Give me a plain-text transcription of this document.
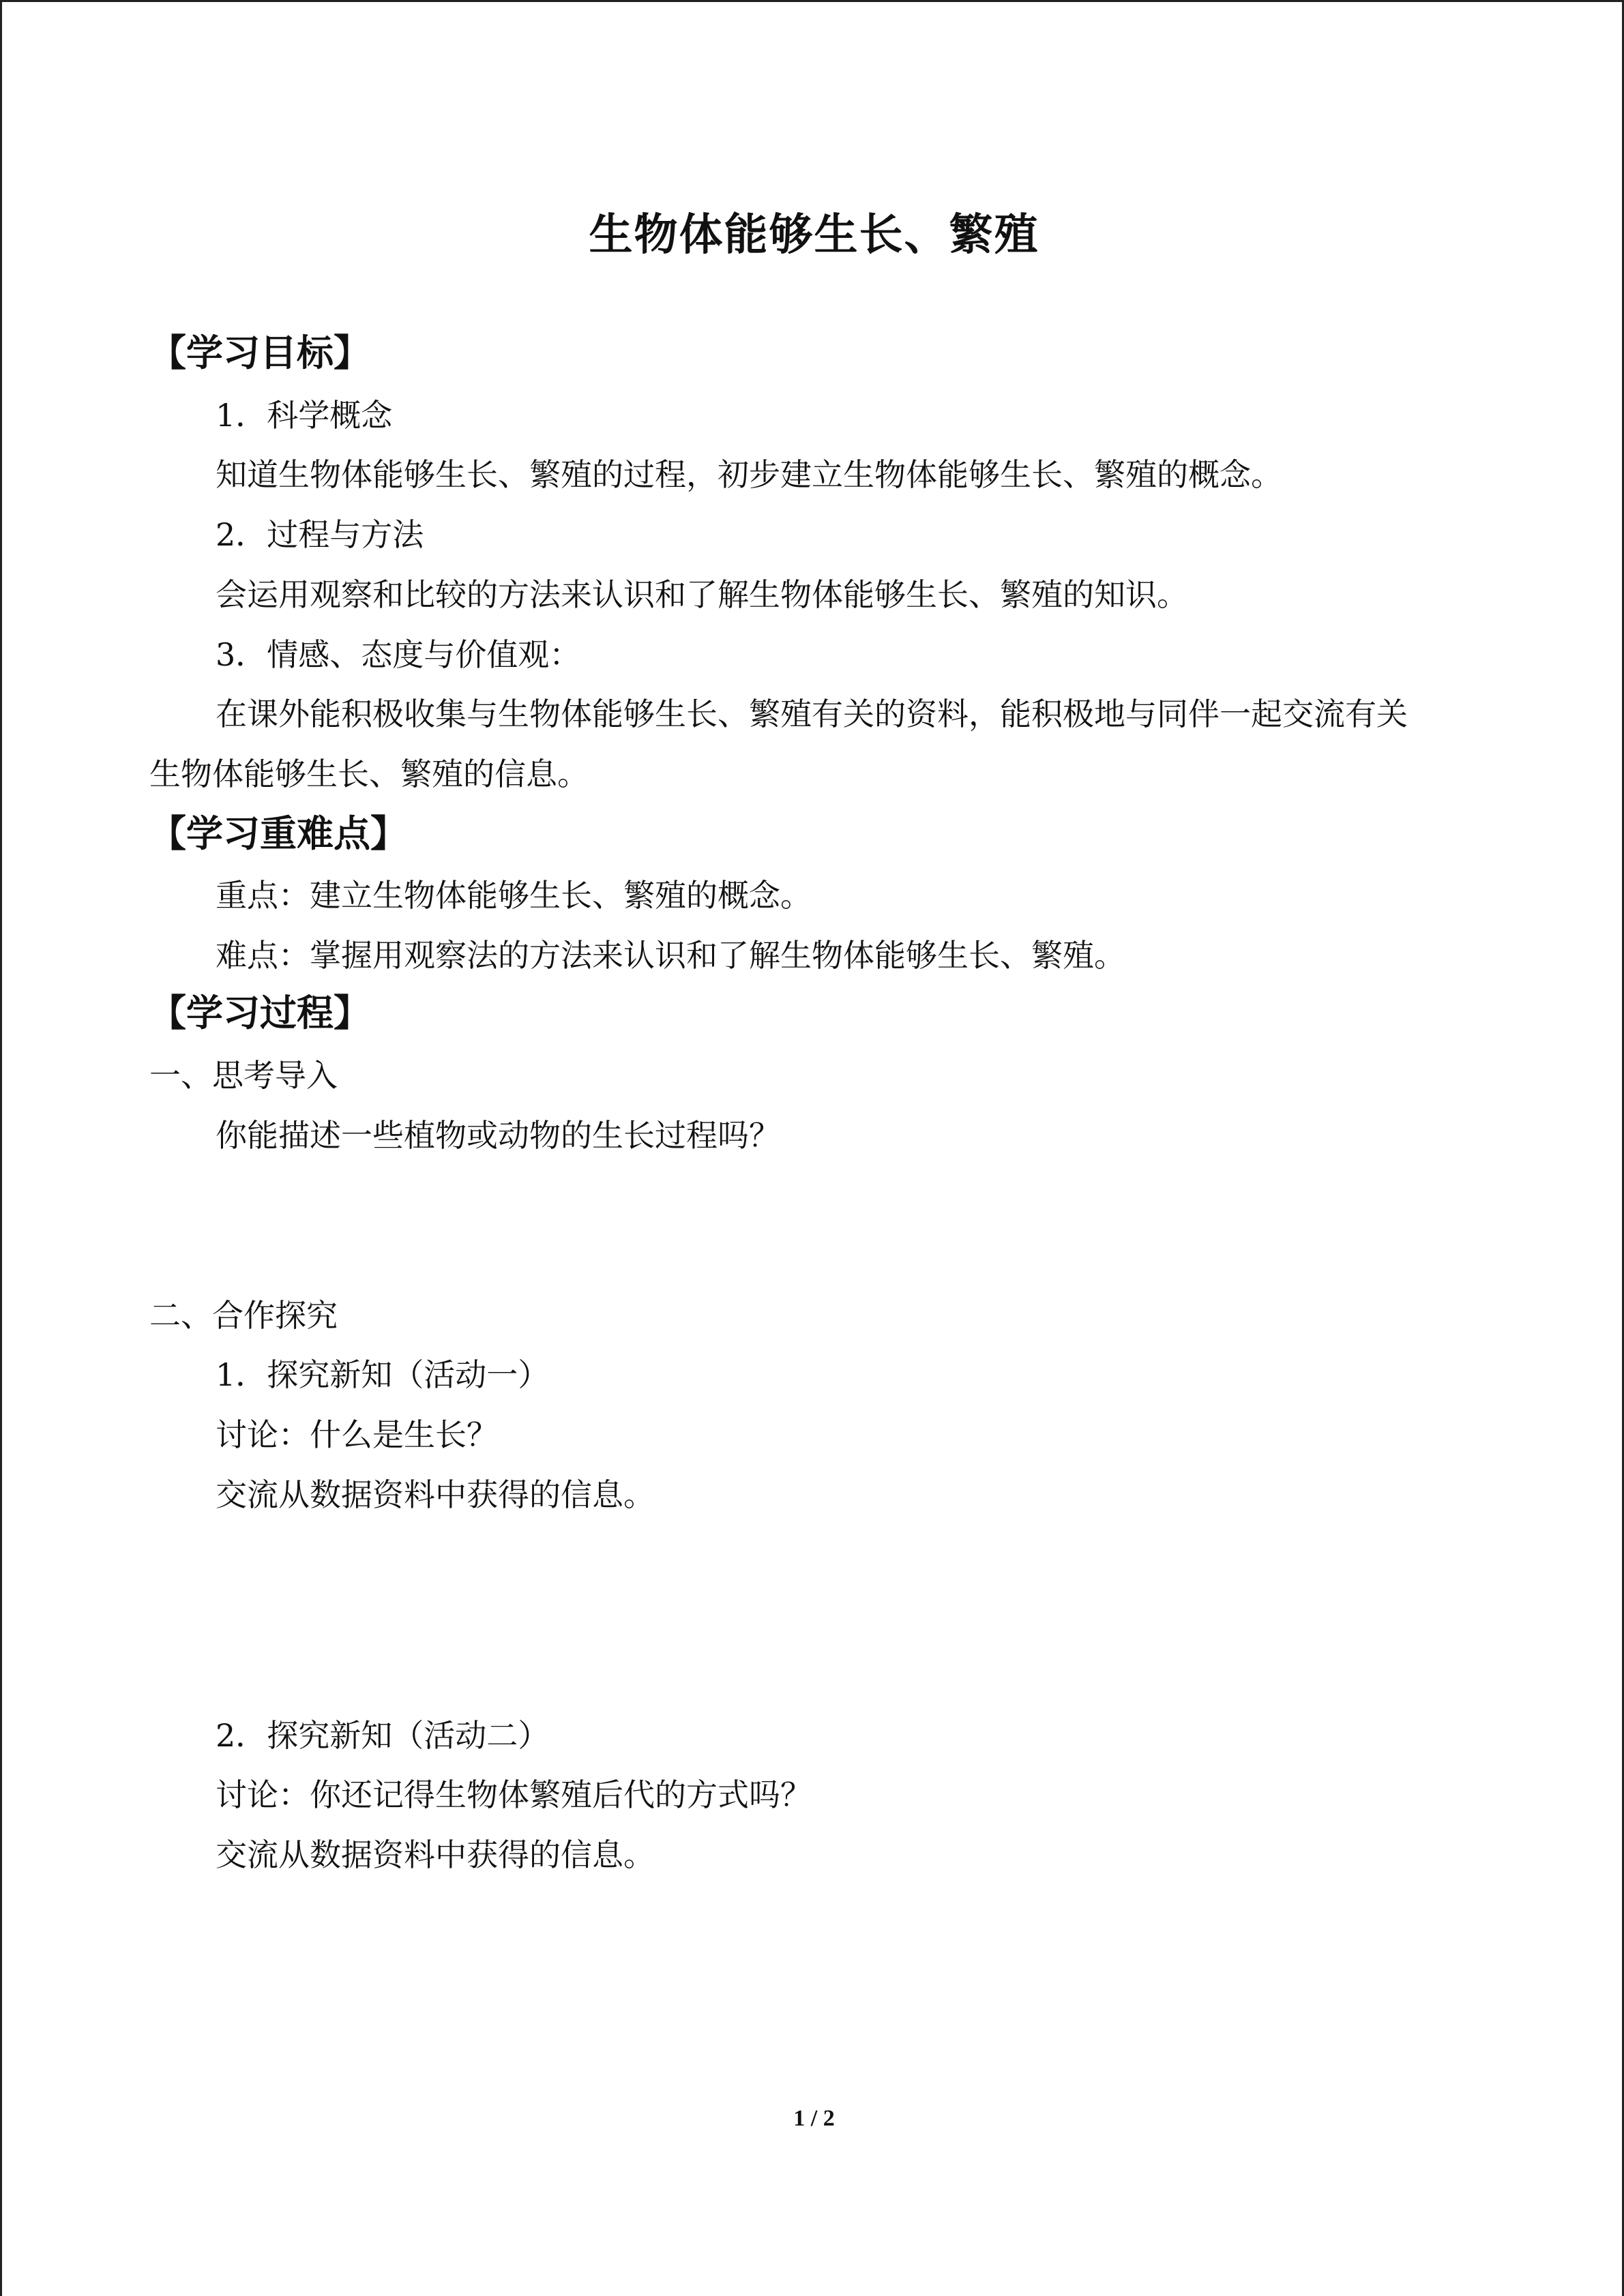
生物体能够生长、繁殖
【学习目标】
1．科学概念
知道生物体能够生长、繁殖的过程，初步建立生物体能够生长、繁殖的概念。
2．过程与方法
会运用观察和比较的方法来认识和了解生物体能够生长、繁殖的知识。
3．情感、态度与价值观：
在课外能积极收集与生物体能够生长、繁殖有关的资料，能积极地与同伴一起交流有关
生物体能够生长、繁殖的信息。
【学习重难点】
重点：建立生物体能够生长、繁殖的概念。
难点：掌握用观察法的方法来认识和了解生物体能够生长、繁殖。
【学习过程】
一、思考导入
你能描述一些植物或动物的生长过程吗？
二、合作探究
1．探究新知（活动一）
讨论：什么是生长？
交流从数据资料中获得的信息。
2．探究新知（活动二）
讨论：你还记得生物体繁殖后代的方式吗？
交流从数据资料中获得的信息。
1 / 2
